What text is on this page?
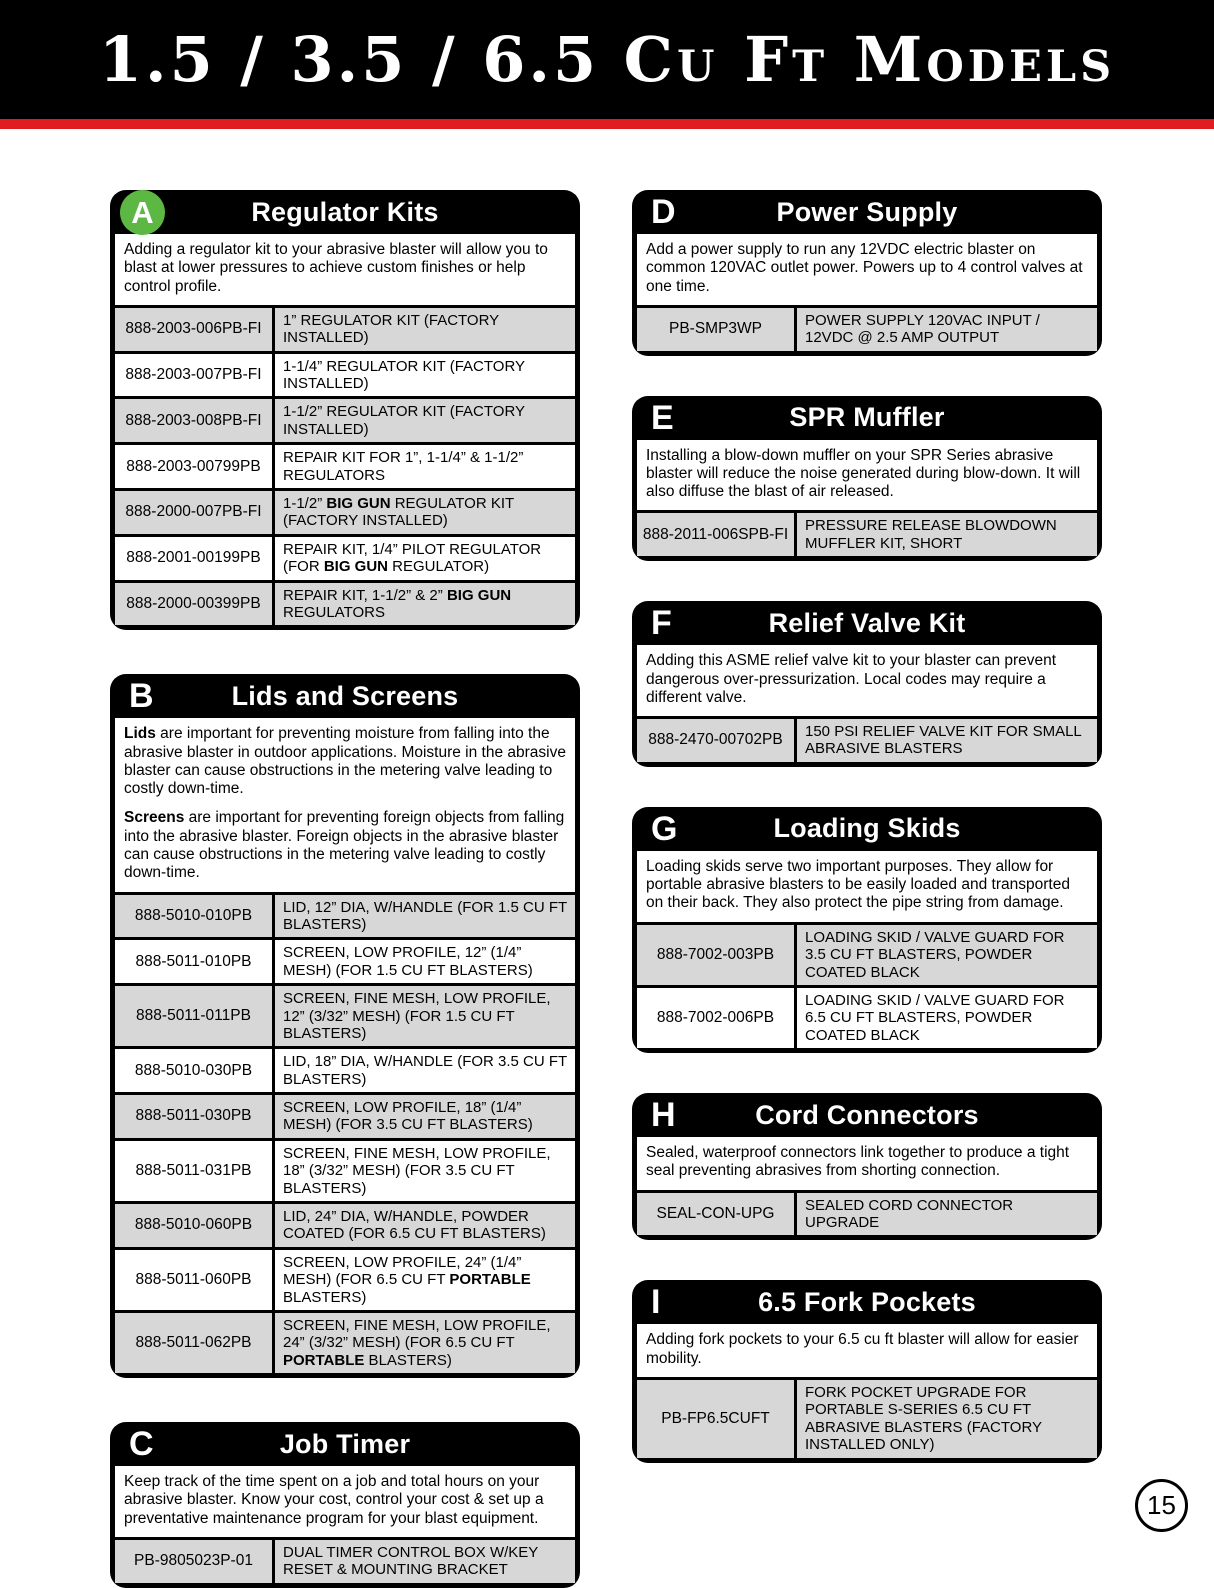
1.5 / 3.5 / 6.5 Cu Ft Models
A	Regulator Kits

Adding a regulator kit to your abrasive blaster will allow you to blast at lower pressures to achieve custom finishes or help control profile.

888-2003-006PB-FI	1” REGULATOR KIT (FACTORY INSTALLED)
888-2003-007PB-FI	1-1/4” REGULATOR KIT (FACTORY INSTALLED)
888-2003-008PB-FI	1-1/2” REGULATOR KIT (FACTORY INSTALLED)
888-2003-00799PB	REPAIR KIT FOR 1”, 1-1/4” & 1-1/2” REGULATORS
888-2000-007PB-FI	1-1/2” BIG GUN REGULATOR KIT (FACTORY INSTALLED)
888-2001-00199PB	REPAIR KIT, 1/4” PILOT REGULATOR (FOR BIG GUN REGULATOR)
888-2000-00399PB	REPAIR KIT, 1-1/2” & 2” BIG GUN REGULATORS
B	Lids and Screens

Lids are important for preventing moisture from falling into the abrasive blaster in outdoor applications. Moisture in the abrasive blaster can cause obstructions in the metering valve leading to costly down-time.

Screens are important for preventing foreign objects from falling into the abrasive blaster. Foreign objects in the abrasive blaster can cause obstructions in the metering valve leading to costly down-time.

888-5010-010PB	LID, 12” DIA, W/HANDLE (FOR 1.5 CU FT BLASTERS)
888-5011-010PB	SCREEN, LOW PROFILE, 12” (1/4” MESH) (FOR 1.5 CU FT BLASTERS)
888-5011-011PB
SCREEN, FINE MESH, LOW PROFILE, 12” (3/32” MESH) (FOR 1.5 CU FT BLASTERS)
888-5010-030PB	LID, 18” DIA, W/HANDLE (FOR 3.5 CU FT BLASTERS)
888-5011-030PB	SCREEN, LOW PROFILE, 18” (1/4” MESH) (FOR 3.5 CU FT BLASTERS)
888-5011-031PB
SCREEN, FINE MESH, LOW PROFILE, 18” (3/32” MESH) (FOR 3.5 CU FT BLASTERS)
888-5010-060PB	LID, 24” DIA, W/HANDLE, POWDER COATED (FOR 6.5 CU FT BLASTERS)
888-5011-060PB
SCREEN, LOW PROFILE, 24” (1/4” MESH) (FOR 6.5 CU FT PORTABLE BLASTERS)
888-5011-062PB
SCREEN, FINE MESH, LOW PROFILE, 24” (3/32” MESH) (FOR 6.5 CU FT PORTABLE BLASTERS)
C	Job Timer

Keep track of the time spent on a job and total hours on your abrasive blaster. Know your cost, control your cost & set up a preventative maintenance program for your blast equipment.

PB-9805023P-01	DUAL TIMER CONTROL BOX W/KEY RESET & MOUNTING BRACKET
D	Power Supply

Add a power supply to run any 12VDC electric blaster on common 120VAC outlet power. Powers up to 4 control valves at one time.

PB-SMP3WP	POWER SUPPLY 120VAC INPUT / 12VDC @ 2.5 AMP OUTPUT
E	SPR Muffler

Installing a blow-down muffler on your SPR Series abrasive blaster will reduce the noise generated during blow-down. It will also diffuse the blast of air released.

888-2011-006SPB-FI	PRESSURE RELEASE BLOWDOWN MUFFLER KIT, SHORT
F	Relief Valve Kit

Adding this ASME relief valve kit to your blaster can prevent dangerous over-pressurization. Local codes may require a different valve.

888-2470-00702PB	150 PSI RELIEF VALVE KIT FOR SMALL ABRASIVE BLASTERS
G	Loading Skids

Loading skids serve two important purposes. They allow for portable abrasive blasters to be easily loaded and transported on their back. They also protect the pipe string from damage.

888-7002-003PB
LOADING SKID / VALVE GUARD FOR 3.5 CU FT BLASTERS, POWDER COATED BLACK
888-7002-006PB
LOADING SKID / VALVE GUARD FOR 6.5 CU FT BLASTERS, POWDER COATED BLACK
H	Cord Connectors

Sealed, waterproof connectors link together to produce a tight seal preventing abrasives from shorting connection.

SEAL-CON-UPG	SEALED CORD CONNECTOR UPGRADE
I	6.5 Fork Pockets

Adding fork pockets to your 6.5 cu ft blaster will allow for easier mobility.

PB-FP6.5CUFT
FORK POCKET UPGRADE FOR PORTABLE S-SERIES 6.5 CU FT ABRASIVE BLASTERS (FACTORY INSTALLED ONLY)
15
